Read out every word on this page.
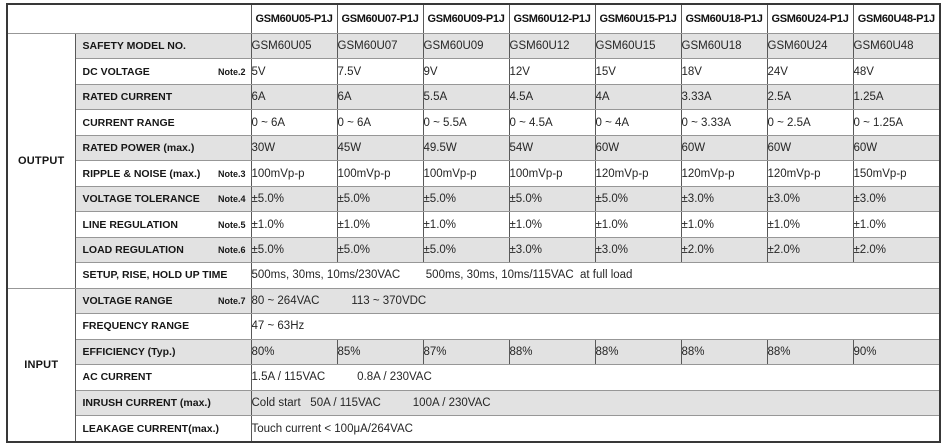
		GSM60U05-P1J	GSM60U07-P1J	GSM60U09-P1J	GSM60U12-P1J	GSM60U15-P1J	GSM60U18-P1J	GSM60U24-P1J	GSM60U48-P1J
OUTPUT	SAFETY MODEL NO.	GSM60U05	GSM60U07	GSM60U09	GSM60U12	GSM60U15	GSM60U18	GSM60U24	GSM60U48

	DC VOLTAGE Note.2	5V	7.5V	9V	12V	15V	18V	24V	48V

	RATED CURRENT	6A	6A	5.5A	4.5A	4A	3.33A	2.5A	1.25A

	CURRENT RANGE	0 ~ 6A	0 ~ 6A	0 ~ 5.5A	0 ~ 4.5A	0 ~ 4A	0 ~ 3.33A	0 ~ 2.5A	0 ~ 1.25A

	RATED POWER (max.)	30W	45W	49.5W	54W	60W	60W	60W	60W

	RIPPLE & NOISE (max.) Note.3	100mVp-p	100mVp-p	100mVp-p	100mVp-p	120mVp-p	120mVp-p	120mVp-p	150mVp-p

	VOLTAGE TOLERANCE Note.4	±5.0%	±5.0%	±5.0%	±5.0%	±5.0%	±3.0%	±3.0%	±3.0%

	LINE REGULATION Note.5	±1.0%	±1.0%	±1.0%	±1.0%	±1.0%	±1.0%	±1.0%	±1.0%

	LOAD REGULATION Note.6	±5.0%	±5.0%	±5.0%	±3.0%	±3.0%	±2.0%	±2.0%	±2.0%

	SETUP, RISE, HOLD UP TIME	500ms, 30ms, 10ms/230VAC        500ms, 30ms, 10ms/115VAC  at full load							
INPUT	VOLTAGE RANGE Note.7	80 ~ 264VAC          113 ~ 370VDC							

	FREQUENCY RANGE	47 ~ 63Hz							

	EFFICIENCY (Typ.)	80%	85%	87%	88%	88%	88%	88%	90%

	AC CURRENT	1.5A / 115VAC          0.8A / 230VAC							

	INRUSH CURRENT (max.)	Cold start   50A / 115VAC          100A / 230VAC							

	LEAKAGE CURRENT(max.)	Touch current < 100μA/264VAC							
